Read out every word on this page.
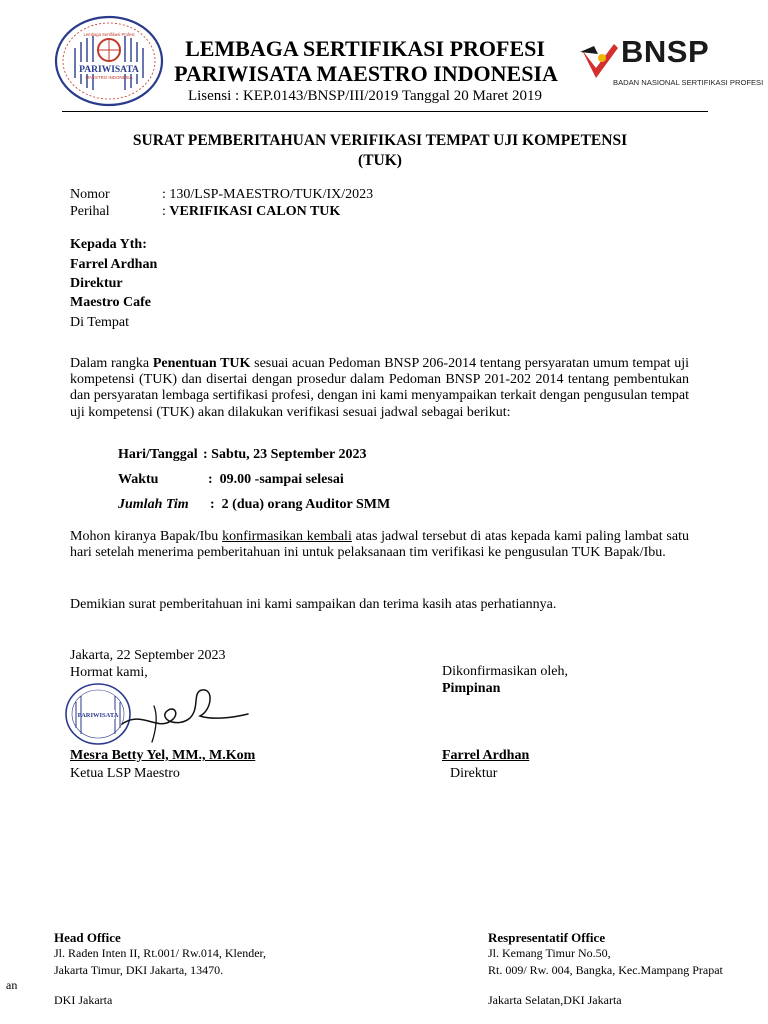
Lembaga Sertifikasi Profesi
PARIWISATA
MAESTRO INDONESIA
LEMBAGA SERTIFIKASI PROFESI
PARIWISATA MAESTRO INDONESIA
Lisensi : KEP.0143/BNSP/III/2019 Tanggal 20 Maret 2019
BNSP
BADAN NASIONAL SERTIFIKASI PROFESI
SURAT PEMBERITAHUAN VERIFIKASI TEMPAT UJI KOMPETENSI
(TUK)
Nomor	: 130/LSP-MAESTRO/TUK/IX/2023
Perihal	: VERIFIKASI CALON TUK
Kepada Yth:
Farrel Ardhan
Direktur
Maestro Cafe
Di Tempat
Dalam rangka Penentuan TUK sesuai acuan Pedoman BNSP 206-2014 tentang persyaratan umum tempat uji kompetensi (TUK) dan disertai dengan prosedur dalam Pedoman BNSP 201-202 2014 tentang pembentukan dan persyaratan lembaga sertifikasi profesi, dengan ini kami menyampaikan terkait dengan pengusulan tempat uji kompetensi (TUK) akan dilakukan verifikasi sesuai jadwal sebagai berikut:
Hari/Tanggal : Sabtu, 23 September 2023
Waktu	:  09.00 -sampai selesai
Jumlah Tim :  2 (dua) orang Auditor SMM
Mohon kiranya Bapak/Ibu konfirmasikan kembali atas jadwal tersebut di atas kepada kami paling lambat satu hari setelah menerima pemberitahuan ini untuk pelaksanaan tim verifikasi ke pengusulan TUK Bapak/Ibu.
Demikian surat pemberitahuan ini kami sampaikan dan terima kasih atas perhatiannya.
Jakarta, 22 September 2023
Hormat kami,
PARIWISATA
Mesra Betty Yel, MM., M.Kom
Ketua LSP Maestro
Dikonfirmasikan oleh,
Pimpinan
Farrel Ardhan
Direktur
an
Head Office
Jl. Raden Inten II, Rt.001/ Rw.014, Klender,
Jakarta Timur, DKI Jakarta, 13470.
DKI Jakarta
Respresentatif Office
Jl. Kemang Timur No.50,
Rt. 009/ Rw. 004, Bangka, Kec.Mampang Prapat
Jakarta Selatan,DKI Jakarta
